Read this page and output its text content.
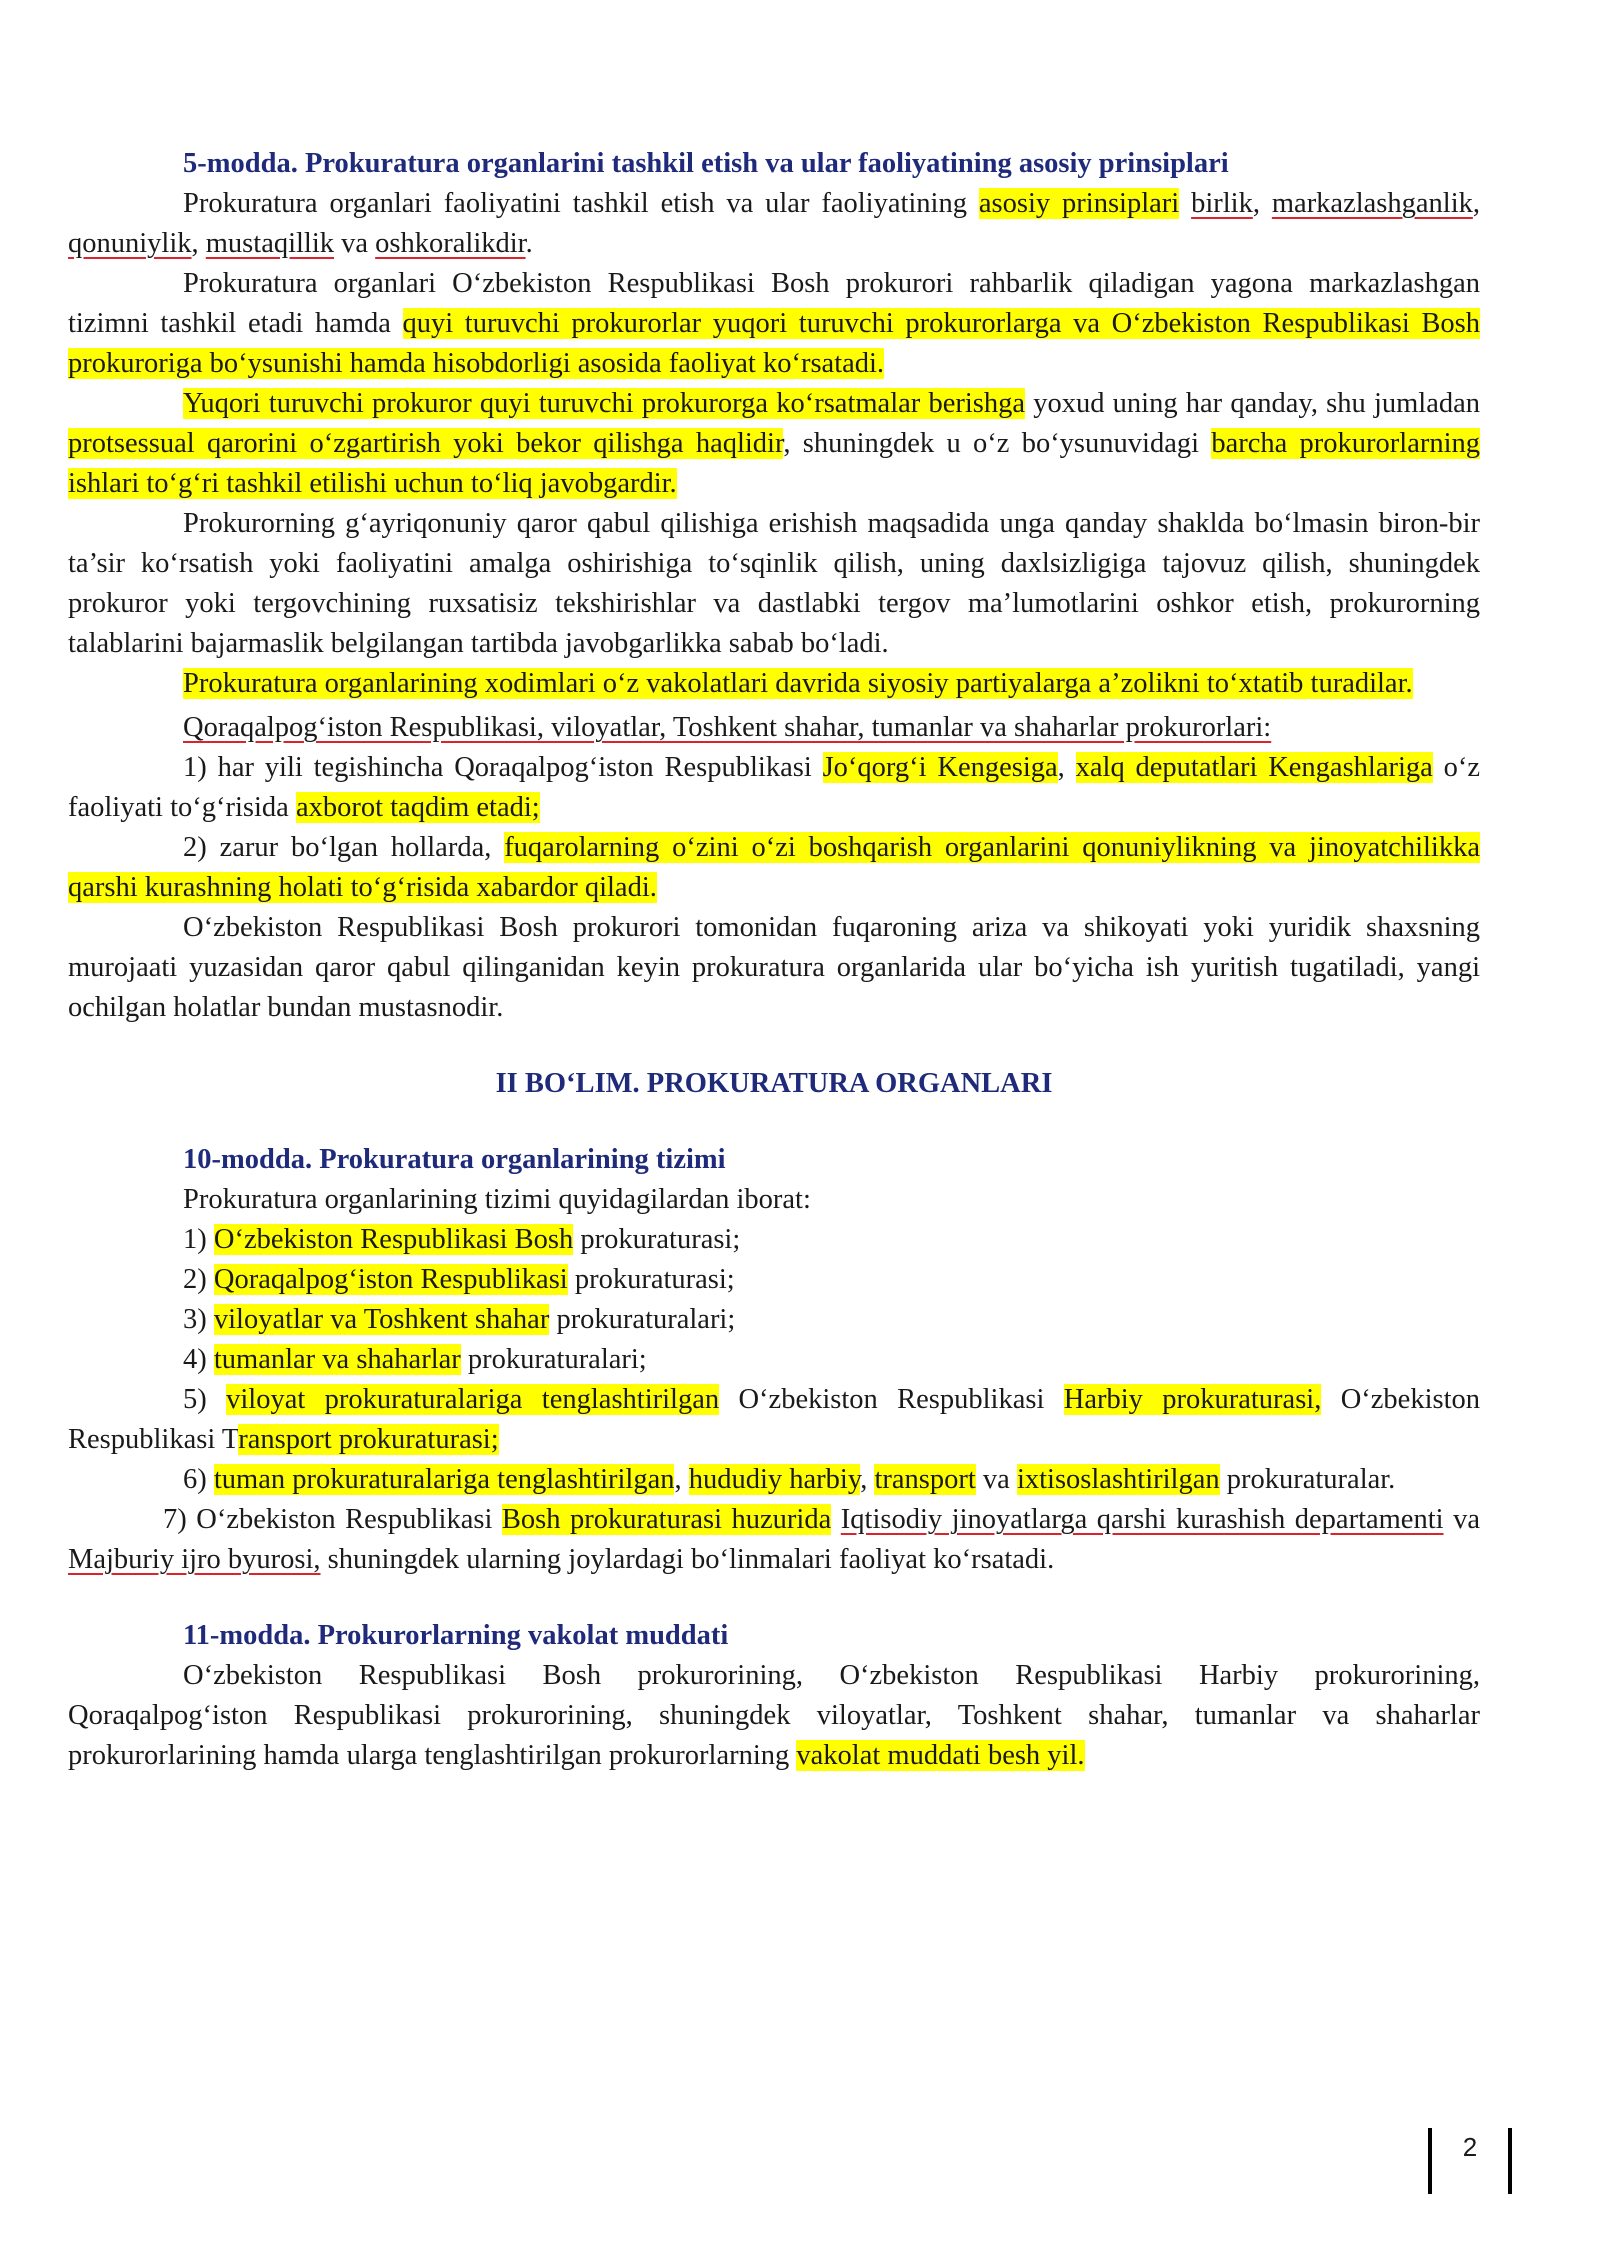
5-modda. Prokuratura organlarini tashkil etish va ular faoliyatining asosiy prinsiplari

Prokuratura organlari faoliyatini tashkil etish va ular faoliyatining asosiy prinsiplari birlik, markazlashganlik, qonuniylik, mustaqillik va oshkoralikdir.

Prokuratura organlari O‘zbekiston Respublikasi Bosh prokurori rahbarlik qiladigan yagona markazlashgan tizimni tashkil etadi hamda quyi turuvchi prokurorlar yuqori turuvchi prokurorlarga va O‘zbekiston Respublikasi Bosh prokuroriga bo‘ysunishi hamda hisobdorligi asosida faoliyat ko‘rsatadi.

Yuqori turuvchi prokuror quyi turuvchi prokurorga ko‘rsatmalar berishga yoxud uning har qanday, shu jumladan protsessual qarorini o‘zgartirish yoki bekor qilishga haqlidir, shuningdek u o‘z bo‘ysunuvidagi barcha prokurorlarning ishlari to‘g‘ri tashkil etilishi uchun to‘liq javobgardir.

Prokurorning g‘ayriqonuniy qaror qabul qilishiga erishish maqsadida unga qanday shaklda bo‘lmasin biron-bir ta’sir ko‘rsatish yoki faoliyatini amalga oshirishiga to‘sqinlik qilish, uning daxlsizligiga tajovuz qilish, shuningdek prokuror yoki tergovchining ruxsatisiz tekshirishlar va dastlabki tergov ma’lumotlarini oshkor etish, prokurorning talablarini bajarmaslik belgilangan tartibda javobgarlikka sabab bo‘ladi.

Prokuratura organlarining xodimlari o‘z vakolatlari davrida siyosiy partiyalarga a’zolikni to‘xtatib turadilar.

Qoraqalpog‘iston Respublikasi, viloyatlar, Toshkent shahar, tumanlar va shaharlar prokurorlari:

1) har yili tegishincha Qoraqalpog‘iston Respublikasi Jo‘qorg‘i Kengesiga, xalq deputatlari Kengashlariga o‘z faoliyati to‘g‘risida axborot taqdim etadi;

2) zarur bo‘lgan hollarda, fuqarolarning o‘zini o‘zi boshqarish organlarini qonuniylikning va jinoyatchilikka qarshi kurashning holati to‘g‘risida xabardor qiladi.

O‘zbekiston Respublikasi Bosh prokurori tomonidan fuqaroning ariza va shikoyati yoki yuridik shaxsning murojaati yuzasidan qaror qabul qilinganidan keyin prokuratura organlarida ular bo‘yicha ish yuritish tugatiladi, yangi ochilgan holatlar bundan mustasnodir.

II BO‘LIM. PROKURATURA ORGANLARI

10-modda. Prokuratura organlarining tizimi

Prokuratura organlarining tizimi quyidagilardan iborat:

1) O‘zbekiston Respublikasi Bosh prokuraturasi;

2) Qoraqalpog‘iston Respublikasi prokuraturasi;

3) viloyatlar va Toshkent shahar prokuraturalari;

4) tumanlar va shaharlar prokuraturalari;

5) viloyat prokuraturalariga tenglashtirilgan O‘zbekiston Respublikasi Harbiy prokuraturasi, O‘zbekiston Respublikasi Transport prokuraturasi;

6) tuman prokuraturalariga tenglashtirilgan, hududiy harbiy, transport va ixtisoslashtirilgan prokuraturalar.

7) O‘zbekiston Respublikasi Bosh prokuraturasi huzurida Iqtisodiy jinoyatlarga qarshi kurashish departamenti va Majburiy ijro byurosi, shuningdek ularning joylardagi bo‘linmalari faoliyat ko‘rsatadi.

11-modda. Prokurorlarning vakolat muddati

O‘zbekiston Respublikasi Bosh prokurorining, O‘zbekiston Respublikasi Harbiy prokurorining, Qoraqalpog‘iston Respublikasi prokurorining, shuningdek viloyatlar, Toshkent shahar, tumanlar va shaharlar prokurorlarining hamda ularga tenglashtirilgan prokurorlarning vakolat muddati besh yil.

2
